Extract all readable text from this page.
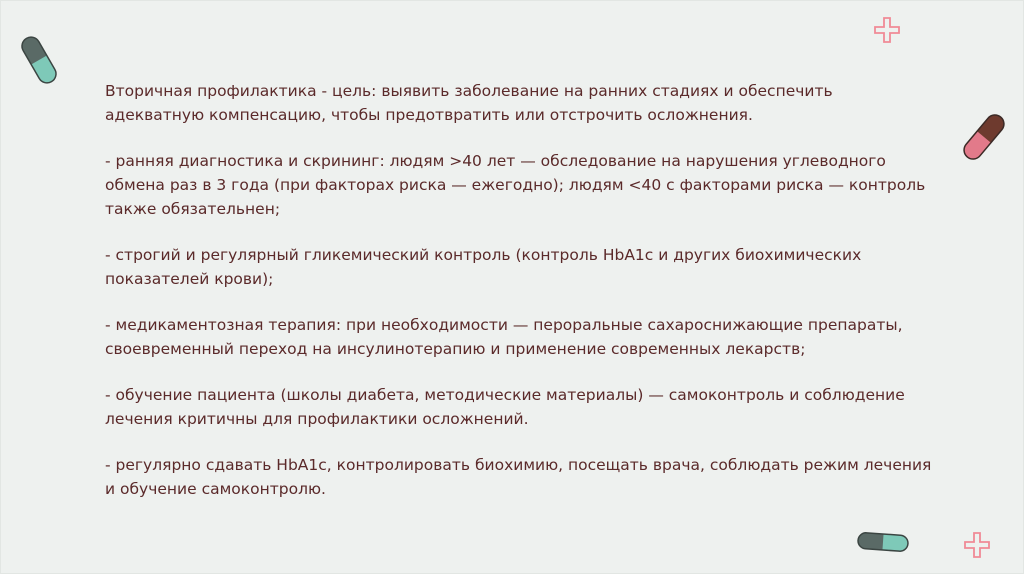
Вторичная профилактика - цель: выявить заболевание на ранних стадиях и обеспечить адекватную компенсацию, чтобы предотвратить или отстрочить осложнения.

- ранняя диагностика и скрининг: людям >40 лет — обследование на нарушения углеводного обмена раз в 3 года (при факторах риска — ежегодно); людям <40 с факторами риска — контроль также обязательнен;

- строгий и регулярный гликемический контроль (контроль HbA1c и других биохимических показателей крови);

- медикаментозная терапия: при необходимости — пероральные сахароснижающие препараты, своевременный переход на инсулинотерапию и применение современных лекарств;

- обучение пациента (школы диабета, методические материалы) — самоконтроль и соблюдение лечения критичны для профилактики осложнений.

- регулярно сдавать HbA1c, контролировать биохимию, посещать врача, соблюдать режим лечения и обучение самоконтролю.
